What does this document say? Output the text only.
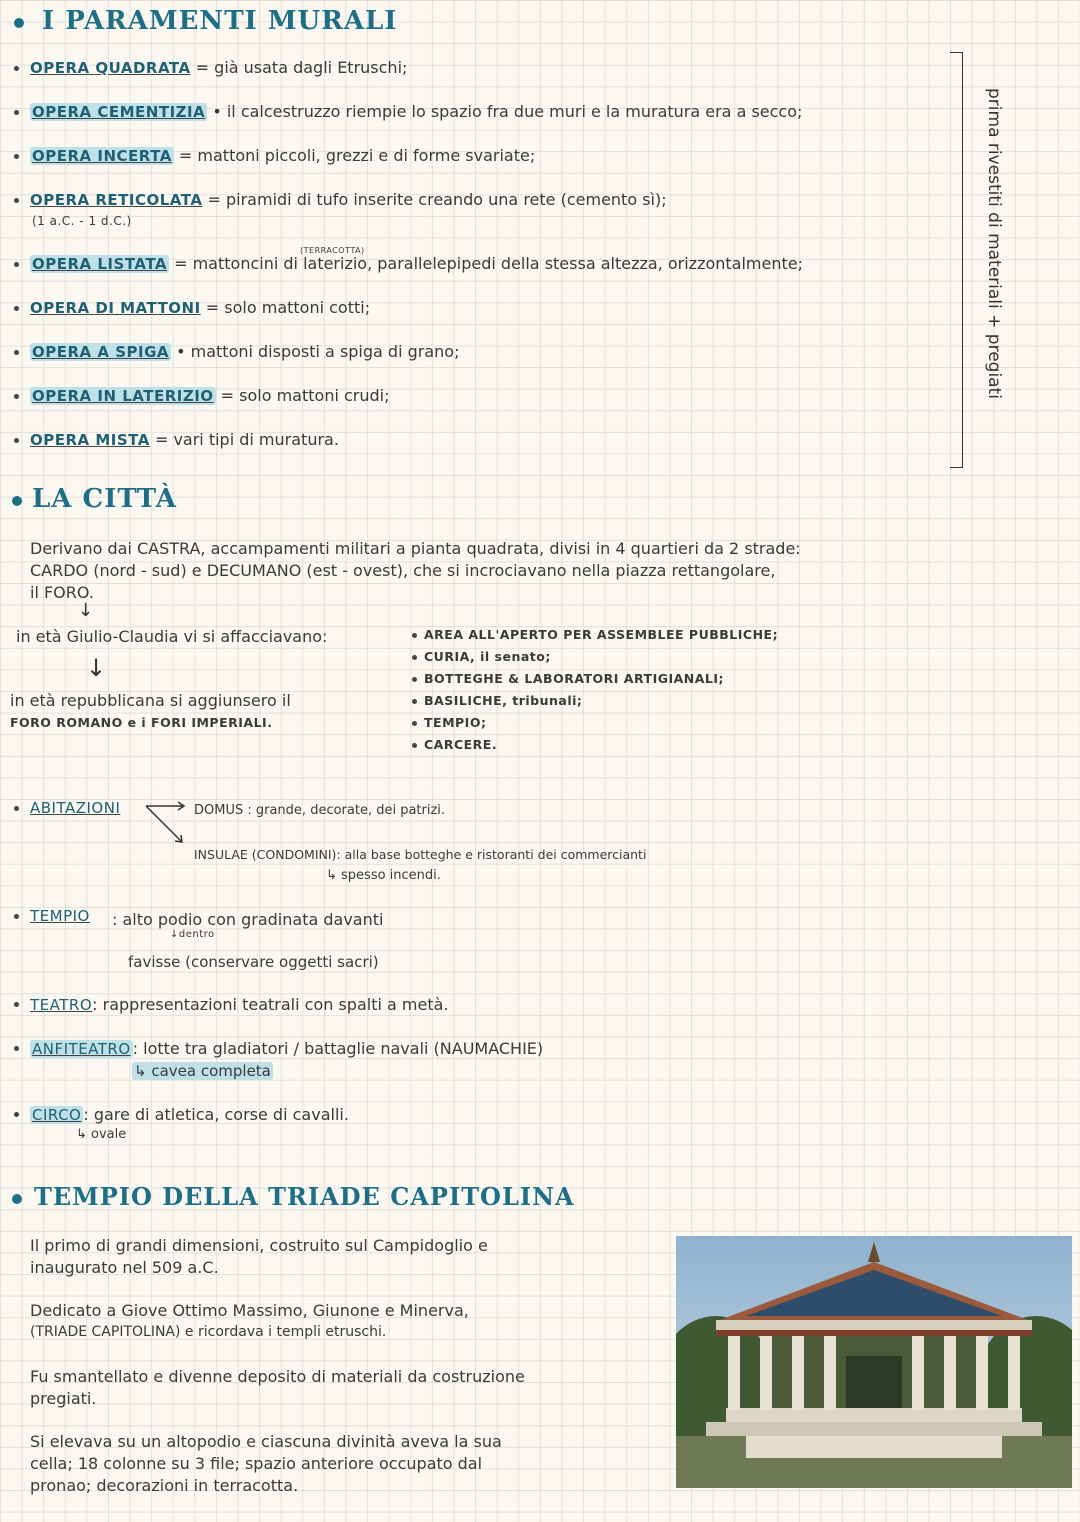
I PARAMENTI MURALI
OPERA QUADRATA = già usata dagli Etruschi;
OPERA CEMENTIZIA • il calcestruzzo riempie lo spazio fra due muri e la muratura era a secco;
OPERA INCERTA = mattoni piccoli, grezzi e di forme svariate;
OPERA RETICOLATA = piramidi di tufo inserite creando una rete (cemento sì);
(1 a.C. - 1 d.C.)
(TERRACOTTA)
OPERA LISTATA = mattoncini di laterizio, parallelepipedi della stessa altezza, orizzontalmente;
OPERA DI MATTONI = solo mattoni cotti;
OPERA A SPIGA • mattoni disposti a spiga di grano;
OPERA IN LATERIZIO = solo mattoni crudi;
OPERA MISTA = vari tipi di muratura.
prima rivestiti di materiali + pregiati
LA CITTÀ
Derivano dai CASTRA, accampamenti militari a pianta quadrata, divisi in 4 quartieri da 2 strade:
CARDO (nord - sud) e DECUMANO (est - ovest), che si incrociavano nella piazza rettangolare,
il FORO.
↓
in età Giulio-Claudia vi si affacciavano:
↓
in età repubblicana si aggiunsero il
FORO ROMANO e i FORI IMPERIALI.
AREA ALL'APERTO PER ASSEMBLEE PUBBLICHE;
CURIA, il senato;
BOTTEGHE & LABORATORI ARTIGIANALI;
BASILICHE, tribunali;
TEMPIO;
CARCERE.
ABITAZIONI	DOMUS : grande, decorate, dei patrizi.
INSULAE (CONDOMINI): alla base botteghe e ristoranti dei commercianti
↳ spesso incendi.
TEMPIO : alto podio con gradinata davanti
↓dentro
favisse (conservare oggetti sacri)
TEATRO: rappresentazioni teatrali con spalti a metà.
ANFITEATRO : lotte tra gladiatori / battaglie navali (NAUMACHIE)
↳ cavea completa
CIRCO : gare di atletica, corse di cavalli.
↳ ovale
TEMPIO DELLA TRIADE CAPITOLINA
Il primo di grandi dimensioni, costruito sul Campidoglio e
inaugurato nel 509 a.C.
Dedicato a Giove Ottimo Massimo, Giunone e Minerva,
(TRIADE CAPITOLINA) e ricordava i templi etruschi.
Fu smantellato e divenne deposito di materiali da costruzione
pregiati.
Si elevava su un altopodio e ciascuna divinità aveva la sua
cella; 18 colonne su 3 file; spazio anteriore occupato dal
pronao; decorazioni in terracotta.
